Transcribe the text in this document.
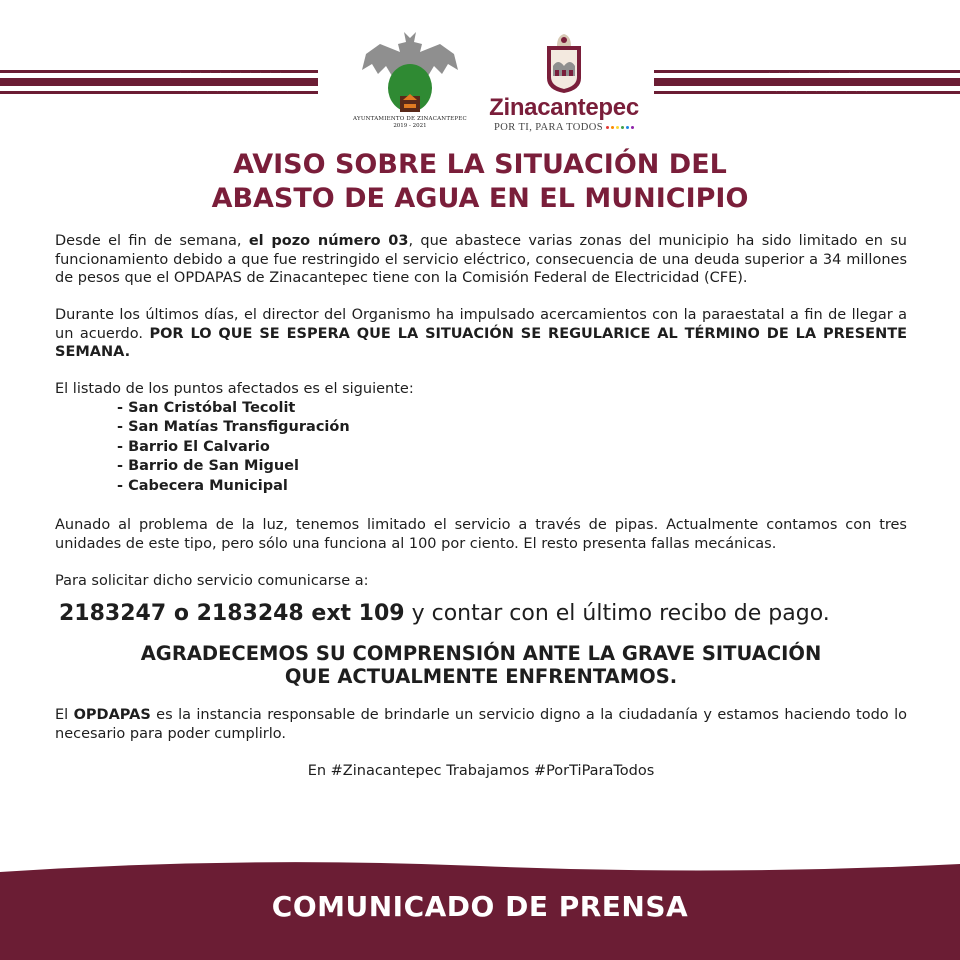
AYUNTAMIENTO DE ZINACANTEPEC
2019 - 2021
Zinacantepec
POR TI, PARA TODOS
AVISO SOBRE LA SITUACIÓN DEL
ABASTO DE AGUA EN EL MUNICIPIO

Desde el fin de semana, el pozo número 03, que abastece varias zonas del municipio ha sido limitado en su funcionamiento debido a que fue restringido el servicio eléctrico, consecuencia de una deuda superior a 34 millones de pesos que el OPDAPAS de Zinacantepec tiene con la Comisión Federal de Electricidad (CFE).

Durante los últimos días, el director del Organismo ha impulsado acercamientos con la paraestatal a fin de llegar a un acuerdo. POR LO QUE SE ESPERA QUE LA SITUACIÓN SE REGULARICE AL TÉRMINO DE LA PRESENTE SEMANA.

El listado de los puntos afectados es el siguiente:
- San Cristóbal Tecolit
- San Matías Transfiguración
- Barrio El Calvario
- Barrio de San Miguel
- Cabecera Municipal

Aunado al problema de la luz, tenemos limitado el servicio a través de pipas. Actualmente contamos con tres unidades de este tipo, pero sólo una funciona al 100 por ciento. El resto presenta fallas mecánicas.

Para solicitar dicho servicio comunicarse a:
2183247 o 2183248 ext 109 y contar con el último recibo de pago.
AGRADECEMOS SU COMPRENSIÓN ANTE LA GRAVE SITUACIÓN
QUE ACTUALMENTE ENFRENTAMOS.

El OPDAPAS es la instancia responsable de brindarle un servicio digno a la ciudadanía y estamos haciendo todo lo necesario para poder cumplirlo.

En #Zinacantepec Trabajamos #PorTiParaTodos
COMUNICADO DE PRENSA
